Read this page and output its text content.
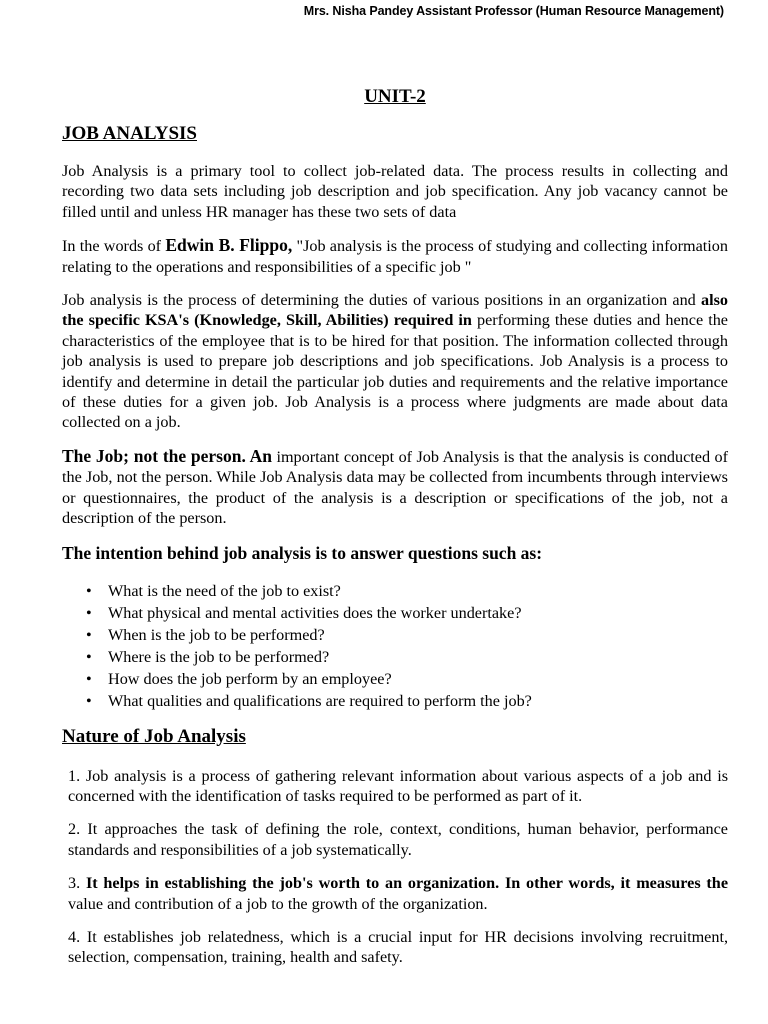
Mrs. Nisha Pandey Assistant Professor (Human Resource Management)
UNIT-2
JOB ANALYSIS

Job Analysis is a primary tool to collect job-related data. The process results in collecting and recording two data sets including job description and job specification. Any job vacancy cannot be filled until and unless HR manager has these two sets of data

In the words of Edwin B. Flippo, "Job analysis is the process of studying and collecting information relating to the operations and responsibilities of a specific job "

Job analysis is the process of determining the duties of various positions in an organization and also the specific KSA's (Knowledge, Skill, Abilities) required in performing these duties and hence the characteristics of the employee that is to be hired for that position. The information collected through job analysis is used to prepare job descriptions and job specifications. Job Analysis is a process to identify and determine in detail the particular job duties and requirements and the relative importance of these duties for a given job. Job Analysis is a process where judgments are made about data collected on a job.

The Job; not the person. An important concept of Job Analysis is that the analysis is conducted of the Job, not the person. While Job Analysis data may be collected from incumbents through interviews or questionnaires, the product of the analysis is a description or specifications of the job, not a description of the person.

The intention behind job analysis is to answer questions such as:
• What is the need of the job to exist?
• What physical and mental activities does the worker undertake?
• When is the job to be performed?
• Where is the job to be performed?
• How does the job perform by an employee?
• What qualities and qualifications are required to perform the job?
Nature of Job Analysis

1. Job analysis is a process of gathering relevant information about various aspects of a job and is concerned with the identification of tasks required to be performed as part of it.

2. It approaches the task of defining the role, context, conditions, human behavior, performance standards and responsibilities of a job systematically.

3. It helps in establishing the job's worth to an organization. In other words, it measures the value and contribution of a job to the growth of the organization.

4. It establishes job relatedness, which is a crucial input for HR decisions involving recruitment, selection, compensation, training, health and safety.
